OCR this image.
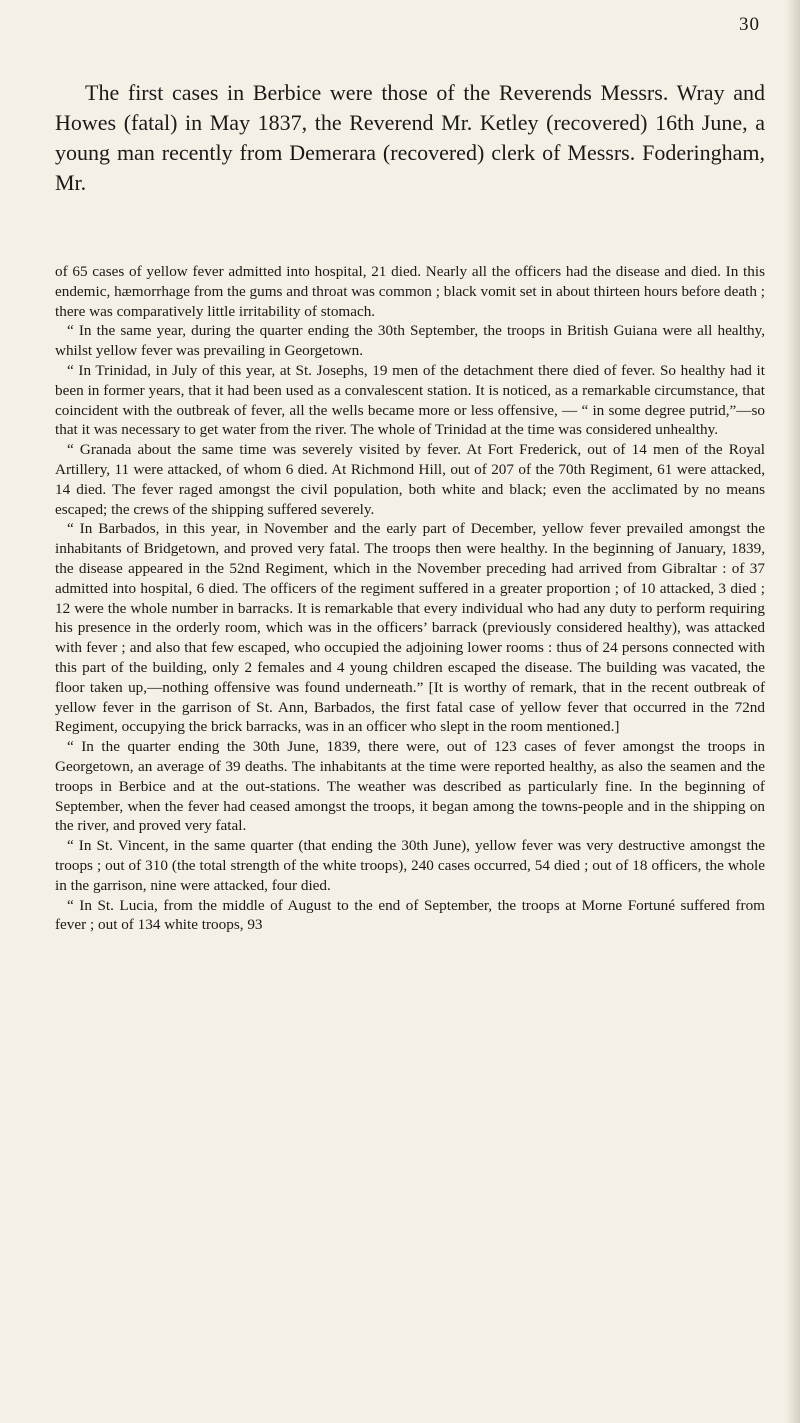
30

The first cases in Berbice were those of the Reverends Messrs. Wray and Howes (fatal) in May 1837, the Reverend Mr. Ketley (recovered) 16th June, a young man recently from Demerara (recovered) clerk of Messrs. Foderingham, Mr.

of 65 cases of yellow fever admitted into hospital, 21 died. Nearly all the officers had the disease and died. In this endemic, hæmorrhage from the gums and throat was common ; black vomit set in about thirteen hours before death ; there was comparatively little irritability of stomach.

“ In the same year, during the quarter ending the 30th September, the troops in British Guiana were all healthy, whilst yellow fever was prevailing in Georgetown.

“ In Trinidad, in July of this year, at St. Josephs, 19 men of the detachment there died of fever. So healthy had it been in former years, that it had been used as a convalescent station. It is noticed, as a remarkable circumstance, that coincident with the outbreak of fever, all the wells became more or less offensive, — “ in some degree putrid,”—so that it was necessary to get water from the river. The whole of Trinidad at the time was considered unhealthy.

“ Granada about the same time was severely visited by fever. At Fort Frederick, out of 14 men of the Royal Artillery, 11 were attacked, of whom 6 died. At Richmond Hill, out of 207 of the 70th Regiment, 61 were attacked, 14 died. The fever raged amongst the civil population, both white and black; even the acclimated by no means escaped; the crews of the shipping suffered severely.

“ In Barbados, in this year, in November and the early part of December, yellow fever prevailed amongst the inhabitants of Bridgetown, and proved very fatal. The troops then were healthy. In the beginning of January, 1839, the disease appeared in the 52nd Regiment, which in the November preceding had arrived from Gibraltar : of 37 admitted into hospital, 6 died. The officers of the regiment suffered in a greater proportion ; of 10 attacked, 3 died ; 12 were the whole number in barracks. It is remarkable that every individual who had any duty to perform requiring his presence in the orderly room, which was in the officers’ barrack (previously considered healthy), was attacked with fever ; and also that few escaped, who occupied the adjoining lower rooms : thus of 24 persons connected with this part of the building, only 2 females and 4 young children escaped the disease. The building was vacated, the floor taken up,—nothing offensive was found underneath.” [It is worthy of remark, that in the recent outbreak of yellow fever in the garrison of St. Ann, Barbados, the first fatal case of yellow fever that occurred in the 72nd Regiment, occupying the brick barracks, was in an officer who slept in the room mentioned.]

“ In the quarter ending the 30th June, 1839, there were, out of 123 cases of fever amongst the troops in Georgetown, an average of 39 deaths. The inhabitants at the time were reported healthy, as also the seamen and the troops in Berbice and at the out-stations. The weather was described as particularly fine. In the beginning of September, when the fever had ceased amongst the troops, it began among the towns-people and in the shipping on the river, and proved very fatal.

“ In St. Vincent, in the same quarter (that ending the 30th June), yellow fever was very destructive amongst the troops ; out of 310 (the total strength of the white troops), 240 cases occurred, 54 died ; out of 18 officers, the whole in the garrison, nine were attacked, four died.

“ In St. Lucia, from the middle of August to the end of September, the troops at Morne Fortuné suffered from fever ; out of 134 white troops, 93
